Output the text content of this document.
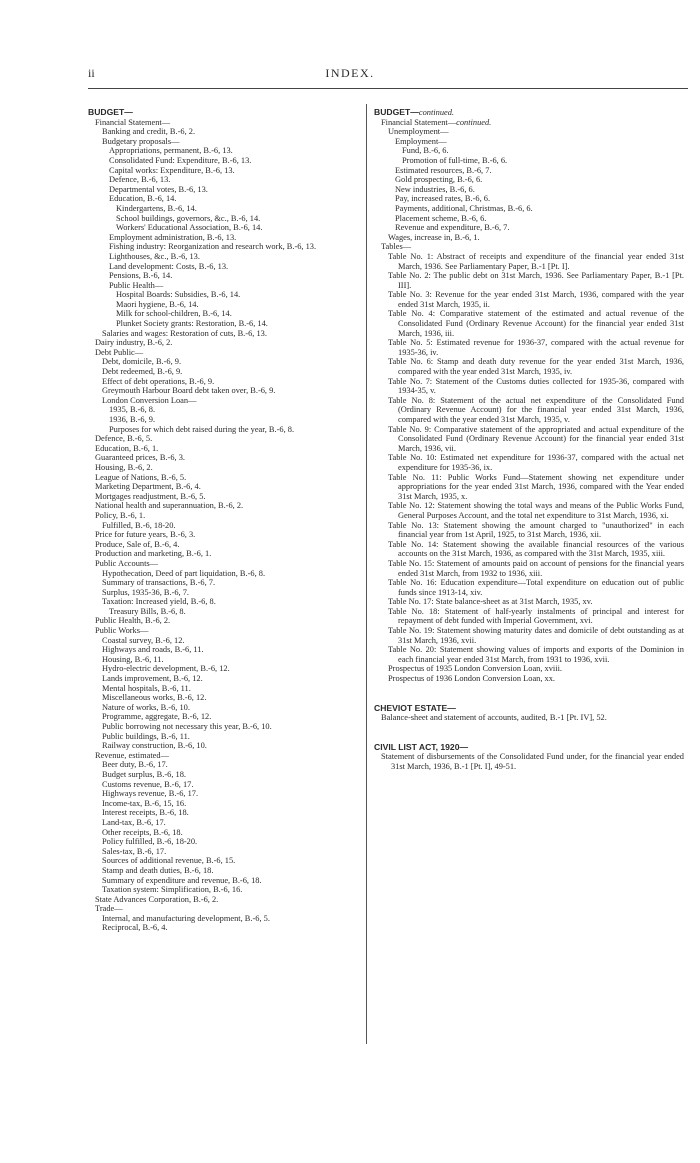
ii	INDEX.
BUDGET—
Financial Statement—
Banking and credit, B.-6, 2.
Budgetary proposals—
Appropriations, permanent, B.-6, 13.
Consolidated Fund: Expenditure, B.-6, 13.
Capital works: Expenditure, B.-6, 13.
Defence, B.-6, 13.
Departmental votes, B.-6, 13.
Education, B.-6, 14.
Kindergartens, B.-6, 14.
School buildings, governors, &c., B.-6, 14.
Workers' Educational Association, B.-6, 14.
Employment administration, B.-6, 13.
Fishing industry: Reorganization and research work, B.-6, 13.
Lighthouses, &c., B.-6, 13.
Land development: Costs, B.-6, 13.
Pensions, B.-6, 14.
Public Health—
Hospital Boards: Subsidies, B.-6, 14.
Maori hygiene, B.-6, 14.
Milk for school-children, B.-6, 14.
Plunket Society grants: Restoration, B.-6, 14.
Salaries and wages: Restoration of cuts, B.-6, 13.
Dairy industry, B.-6, 2.
Debt Public—
Debt, domicile, B.-6, 9.
Debt redeemed, B.-6, 9.
Effect of debt operations, B.-6, 9.
Greymouth Harbour Board debt taken over, B.-6, 9.
London Conversion Loan—
1935, B.-6, 8.
1936, B.-6, 9.
Purposes for which debt raised during the year, B.-6, 8.
Defence, B.-6, 5.
Education, B.-6, 1.
Guaranteed prices, B.-6, 3.
Housing, B.-6, 2.
League of Nations, B.-6, 5.
Marketing Department, B.-6, 4.
Mortgages readjustment, B.-6, 5.
National health and superannuation, B.-6, 2.
Policy, B.-6, 1.
Fulfilled, B.-6, 18-20.
Price for future years, B.-6, 3.
Produce, Sale of, B.-6, 4.
Production and marketing, B.-6, 1.
Public Accounts—
Hypothecation, Deed of part liquidation, B.-6, 8.
Summary of transactions, B.-6, 7.
Surplus, 1935-36, B.-6, 7.
Taxation: Increased yield, B.-6, 8.
Treasury Bills, B.-6, 8.
Public Health, B.-6, 2.
Public Works—
Coastal survey, B.-6, 12.
Highways and roads, B.-6, 11.
Housing, B.-6, 11.
Hydro-electric development, B.-6, 12.
Lands improvement, B.-6, 12.
Mental hospitals, B.-6, 11.
Miscellaneous works, B.-6, 12.
Nature of works, B.-6, 10.
Programme, aggregate, B.-6, 12.
Public borrowing not necessary this year, B.-6, 10.
Public buildings, B.-6, 11.
Railway construction, B.-6, 10.
Revenue, estimated—
Beer duty, B.-6, 17.
Budget surplus, B.-6, 18.
Customs revenue, B.-6, 17.
Highways revenue, B.-6, 17.
Income-tax, B.-6, 15, 16.
Interest receipts, B.-6, 18.
Land-tax, B.-6, 17.
Other receipts, B.-6, 18.
Policy fulfilled, B.-6, 18-20.
Sales-tax, B.-6, 17.
Sources of additional revenue, B.-6, 15.
Stamp and death duties, B.-6, 18.
Summary of expenditure and revenue, B.-6, 18.
Taxation system: Simplification, B.-6, 16.
State Advances Corporation, B.-6, 2.
Trade—
Internal, and manufacturing development, B.-6, 5.
Reciprocal, B.-6, 4.
BUDGET—continued.
Financial Statement—continued.
Unemployment—
Employment—
Fund, B.-6, 6.
Promotion of full-time, B.-6, 6.
Estimated resources, B.-6, 7.
Gold prospecting, B.-6, 6.
New industries, B.-6, 6.
Pay, increased rates, B.-6, 6.
Payments, additional, Christmas, B.-6, 6.
Placement scheme, B.-6, 6.
Revenue and expenditure, B.-6, 7.
Wages, increase in, B.-6, 1.
Tables—
Table No. 1: Abstract of receipts and expenditure of the financial year ended 31st March, 1936. See Parliamentary Paper, B.-1 [Pt. I].
Table No. 2: The public debt on 31st March, 1936. See Parliamentary Paper, B.-1 [Pt. III].
Table No. 3: Revenue for the year ended 31st March, 1936, compared with the year ended 31st March, 1935, ii.
Table No. 4: Comparative statement of the estimated and actual revenue of the Consolidated Fund (Ordinary Revenue Account) for the financial year ended 31st March, 1936, iii.
Table No. 5: Estimated revenue for 1936-37, compared with the actual revenue for 1935-36, iv.
Table No. 6: Stamp and death duty revenue for the year ended 31st March, 1936, compared with the year ended 31st March, 1935, iv.
Table No. 7: Statement of the Customs duties collected for 1935-36, compared with 1934-35, v.
Table No. 8: Statement of the actual net expenditure of the Consolidated Fund (Ordinary Revenue Account) for the financial year ended 31st March, 1936, compared with the year ended 31st March, 1935, v.
Table No. 9: Comparative statement of the appropriated and actual expenditure of the Consolidated Fund (Ordinary Revenue Account) for the financial year ended 31st March, 1936, vii.
Table No. 10: Estimated net expenditure for 1936-37, compared with the actual net expenditure for 1935-36, ix.
Table No. 11: Public Works Fund—Statement showing net expenditure under appropriations for the year ended 31st March, 1936, compared with the Year ended 31st March, 1935, x.
Table No. 12: Statement showing the total ways and means of the Public Works Fund, General Purposes Account, and the total net expenditure to 31st March, 1936, xi.
Table No. 13: Statement showing the amount charged to "unauthorized" in each financial year from 1st April, 1925, to 31st March, 1936, xii.
Table No. 14: Statement showing the available financial resources of the various accounts on the 31st March, 1936, as compared with the 31st March, 1935, xiii.
Table No. 15: Statement of amounts paid on account of pensions for the financial years ended 31st March, from 1932 to 1936, xiii.
Table No. 16: Education expenditure—Total expenditure on education out of public funds since 1913-14, xiv.
Table No. 17: State balance-sheet as at 31st March, 1935, xv.
Table No. 18: Statement of half-yearly instalments of principal and interest for repayment of debt funded with Imperial Government, xvi.
Table No. 19: Statement showing maturity dates and domicile of debt outstanding as at 31st March, 1936, xvii.
Table No. 20: Statement showing values of imports and exports of the Dominion in each financial year ended 31st March, from 1931 to 1936, xvii.
Prospectus of 1935 London Conversion Loan, xviii.
Prospectus of 1936 London Conversion Loan, xx.
CHEVIOT ESTATE—
Balance-sheet and statement of accounts, audited, B.-1 [Pt. IV], 52.
CIVIL LIST ACT, 1920—
Statement of disbursements of the Consolidated Fund under, for the financial year ended 31st March, 1936, B.-1 [Pt. I], 49-51.
